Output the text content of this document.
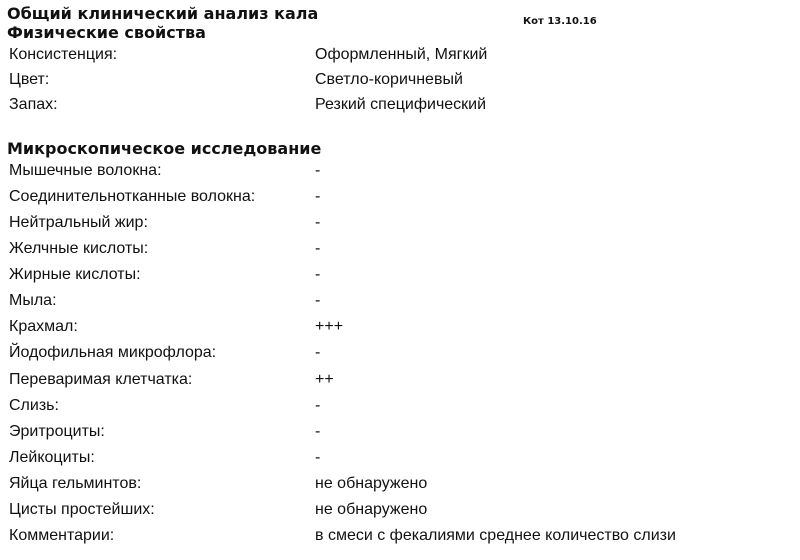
Общий клинический анализ кала	Кот 13.10.16
Физические свойства
Консистенция:	Оформленный, Мягкий
Цвет:	Светло-коричневый
Запах:	Резкий специфический
Микроскопическое исследование
Мышечные волокна:	-
Соединительнотканные волокна:	-
Нейтральный жир:	-
Желчные кислоты:	-
Жирные кислоты:	-
Мыла:	-
Крахмал:	+++
Йодофильная микрофлора:	-
Переваримая клетчатка:	++
Слизь:	-
Эритроциты:	-
Лейкоциты:	-
Яйца гельминтов:	не обнаружено
Цисты простейших:	не обнаружено
Комментарии:	в смеси с фекалиями среднее количество слизи
